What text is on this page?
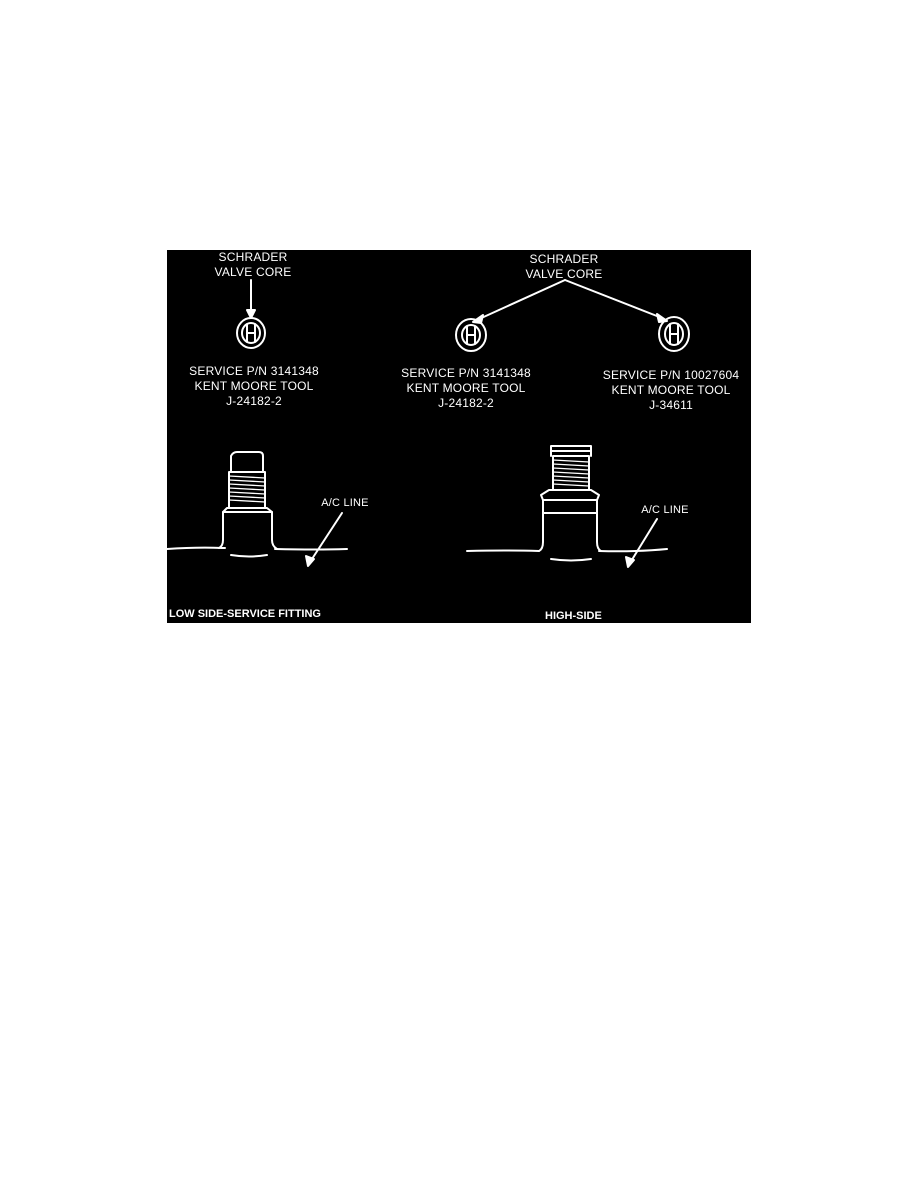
SCHRADER
VALVE CORE
SERVICE P/N 3141348
KENT MOORE TOOL
J-24182-2
SCHRADER
VALVE CORE
SERVICE P/N 3141348
KENT MOORE TOOL
J-24182-2
SERVICE P/N 10027604
KENT MOORE TOOL
J-34611
A/C LINE
A/C LINE
LOW SIDE-SERVICE FITTING	HIGH-SIDE
